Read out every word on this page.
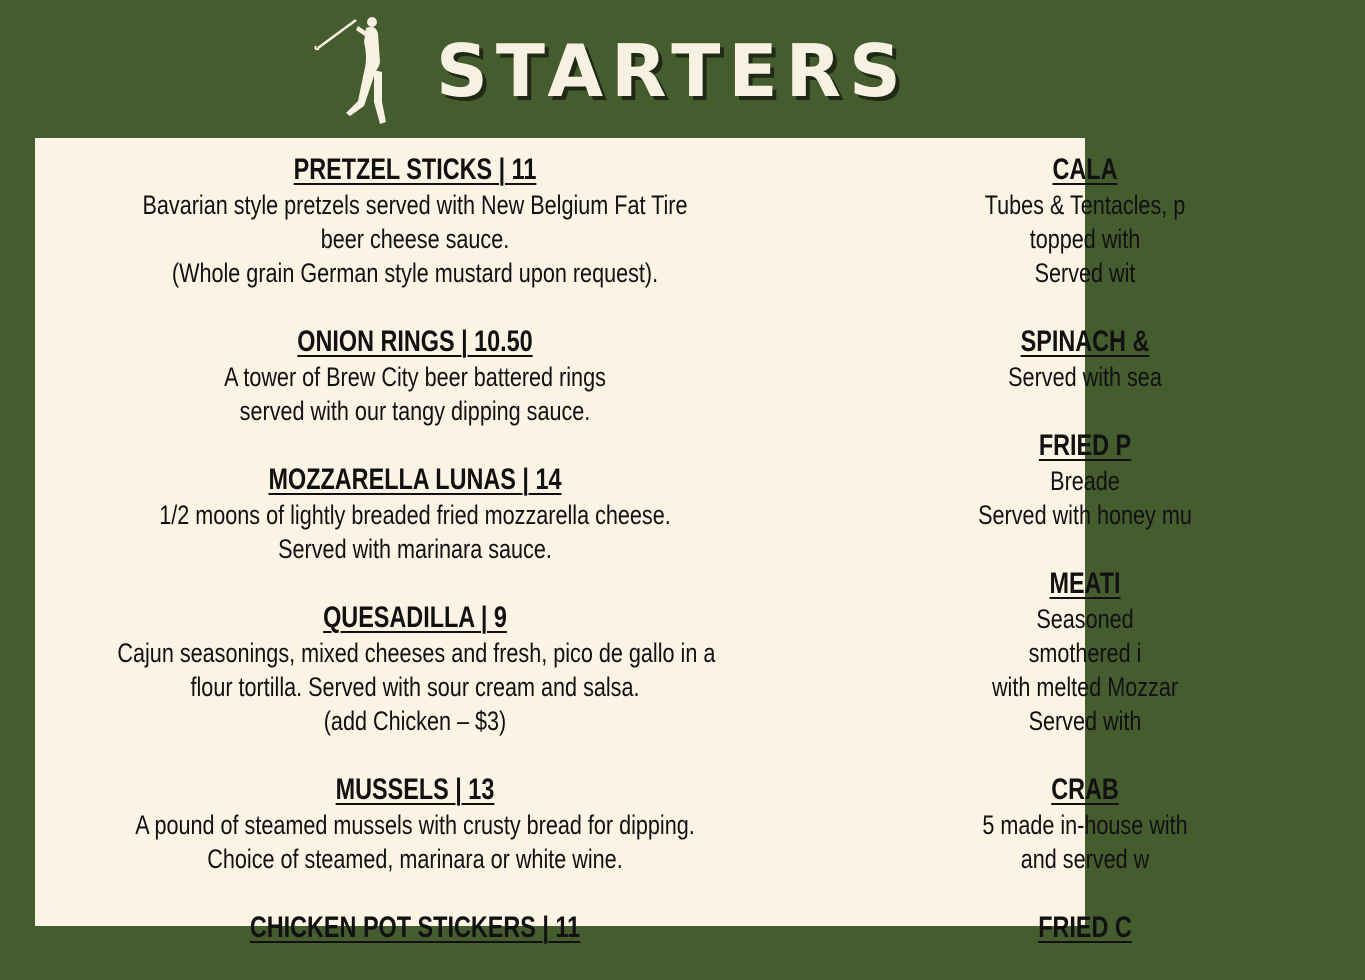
STARTERS
PRETZEL STICKS | 11

Bavarian style pretzels served with New Belgium Fat Tire

beer cheese sauce.

(Whole grain German style mustard upon request).

ONION RINGS | 10.50

A tower of Brew City beer battered rings

served with our tangy dipping sauce.

MOZZARELLA LUNAS | 14

1/2 moons of lightly breaded fried mozzarella cheese.

Served with marinara sauce.

QUESADILLA | 9

Cajun seasonings, mixed cheeses and fresh, pico de gallo in a

flour tortilla. Served with sour cream and salsa.

(add Chicken – $3)

MUSSELS | 13

A pound of steamed mussels with crusty bread for dipping.

Choice of steamed, marinara or white wine.

CHICKEN POT STICKERS | 11
CALA

Tubes & Tentacles, p

topped with

Served wit

SPINACH &

Served with sea

FRIED P

Breade

Served with honey mu

MEATI

Seasoned

smothered i

with melted Mozzar

Served with

CRAB

5 made in-house with

and served w

FRIED C
